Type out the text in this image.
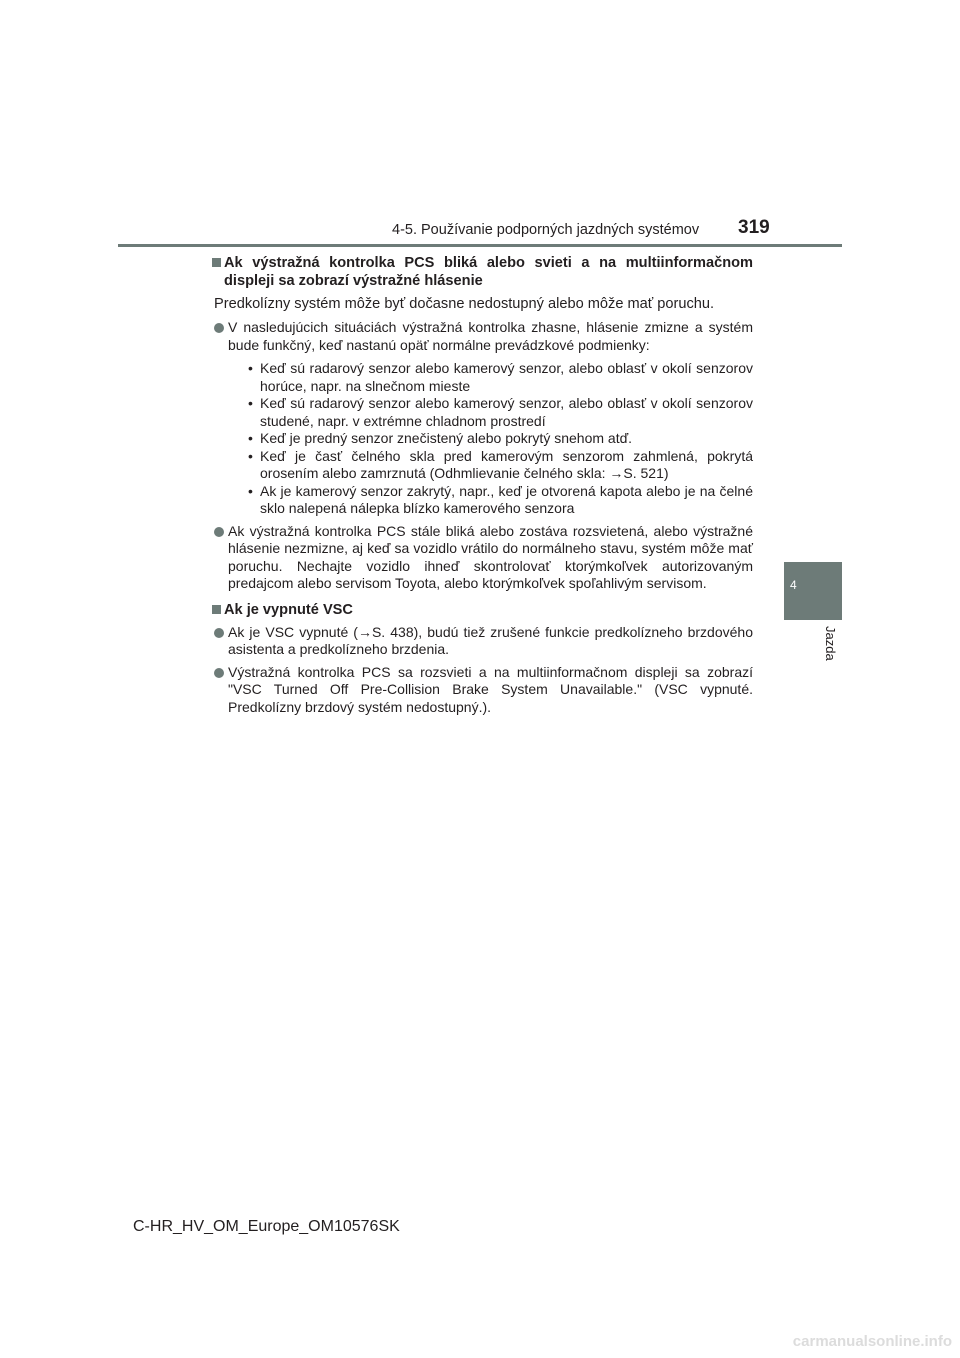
4-5. Používanie podporných jazdných systémov 319
4
Jazda
Ak výstražná kontrolka PCS bliká alebo svieti a na multiinformačnom displeji sa zobrazí výstražné hlásenie
Predkolízny systém môže byť dočasne nedostupný alebo môže mať poruchu.
V nasledujúcich situáciách výstražná kontrolka zhasne, hlásenie zmizne a systém bude funkčný, keď nastanú opäť normálne prevádzkové podmienky:
• Keď sú radarový senzor alebo kamerový senzor, alebo oblasť v okolí senzorov horúce, napr. na slnečnom mieste
• Keď sú radarový senzor alebo kamerový senzor, alebo oblasť v okolí senzorov studené, napr. v extrémne chladnom prostredí
• Keď je predný senzor znečistený alebo pokrytý snehom atď.
• Keď je časť čelného skla pred kamerovým senzorom zahmlená, pokrytá orosením alebo zamrznutá (Odhmlievanie čelného skla: →S. 521)
• Ak je kamerový senzor zakrytý, napr., keď je otvorená kapota alebo je na čelné sklo nalepená nálepka blízko kamerového senzora
Ak výstražná kontrolka PCS stále bliká alebo zostáva rozsvietená, alebo výstražné hlásenie nezmizne, aj keď sa vozidlo vrátilo do normálneho stavu, systém môže mať poruchu. Nechajte vozidlo ihneď skontrolovať ktorýmkoľvek autorizovaným predajcom alebo servisom Toyota, alebo ktorýmkoľvek spoľahlivým servisom.
Ak je vypnuté VSC
Ak je VSC vypnuté (→S. 438), budú tiež zrušené funkcie predkolízneho brzdového asistenta a predkolízneho brzdenia.
Výstražná kontrolka PCS sa rozsvieti a na multiinformačnom displeji sa zobrazí "VSC Turned Off Pre-Collision Brake System Unavailable." (VSC vypnuté. Predkolízny brzdový systém nedostupný.).
C-HR_HV_OM_Europe_OM10576SK
carmanualsonline.info
